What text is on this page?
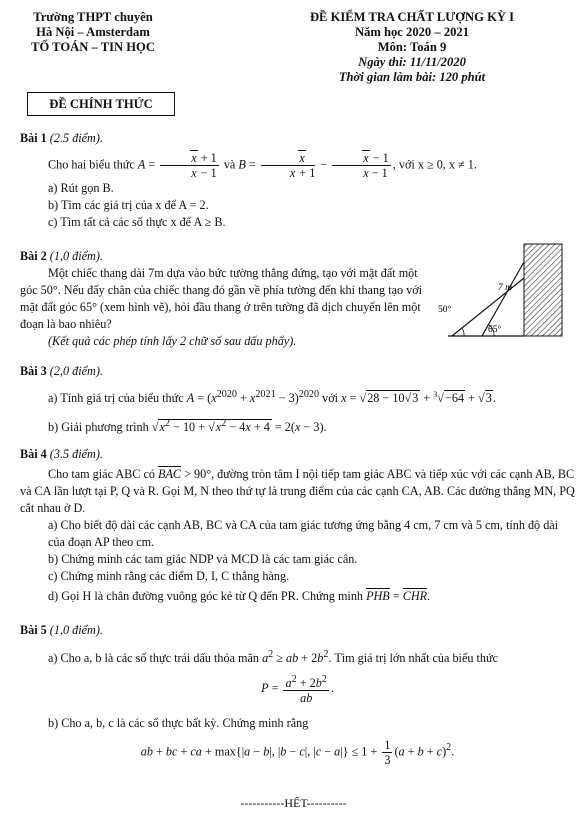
Trường THPT chuyên
Hà Nội – Amsterdam
TỔ TOÁN – TIN HỌC
ĐỀ CHÍNH THỨC
ĐỀ KIỂM TRA CHẤT LƯỢNG KỲ I
Năm học 2020 – 2021
Môn: Toán 9
Ngày thi: 11/11/2020
Thời gian làm bài: 120 phút
Bài 1 (2.5 điểm).
Cho hai biểu thức $A = \frac{x + 1}{x - 1}$ và $B = \frac{x}{x + 1} - \frac{x - 1}{x - 1}$ , với x ≥ 0, x ≠ 1.
a) Rút gọn B.
b) Tìm các giá trị của x để A = 2.
c) Tìm tất cả các số thực x để A ≥ B.
Bài 2 (1,0 điểm).
Một chiếc thang dài 7m dựa vào bức tường thẳng đứng, tạo với mặt đất một góc 50°. Nếu đẩy chân của chiếc thang đó gần về phía tường đến khi thang tạo với mặt đất góc 65° (xem hình vẽ), hỏi đầu thang ở trên tường đã dịch chuyển lên một đoạn là bao nhiêu?
(Kết quả các phép tính lấy 2 chữ số sau dấu phẩy).
7 m
50°
65°
Bài 3 (2,0 điểm).
a) Tính giá trị của biểu thức $A = (x^{2020} + x^{2021} - 3)^{2020}$ với x = √28 − 10√3 + $^3$√−64 + √3.
b) Giải phương trình $√x^2 - 10 + √x^2 - 4x + 4 = 2(x - 3)$.
Bài 4 (3.5 điểm).
Cho tam giác ABC có BAC > 90°, đường tròn tâm I nội tiếp tam giác ABC và tiếp xúc với các cạnh AB, BC và CA lần lượt tại P, Q và R. Gọi M, N theo thứ tự là trung điểm của các cạnh CA, AB. Các đường thẳng MN, PQ cắt nhau ở D.
a) Cho biết độ dài các cạnh AB, BC và CA của tam giác tương ứng bằng 4 cm, 7 cm và 5 cm, tính độ dài của đoạn AP theo cm.
b) Chứng minh các tam giác NDP và MCD là các tam giác cân.
c) Chứng minh rằng các điểm D, I, C thẳng hàng.
d) Gọi H là chân đường vuông góc kẻ từ Q đến PR. Chứng minh PHB = CHR.
Bài 5 (1,0 điểm).
a) Cho a, b là các số thực trái dấu thỏa mãn $a^2$ ≥ ab + $2b^2$. Tìm giá trị lớn nhất của biểu thức
$P = \frac{a^2 + 2b^2}{ab}$ .
b) Cho a, b, c là các số thực bất kỳ. Chứng minh rằng
ab + bc + ca + max{|a − b|, |b − c|, $|c - a|\} \le 1 + \frac{1}{3} (a + b + c)^2$.
-----------HẾT----------
